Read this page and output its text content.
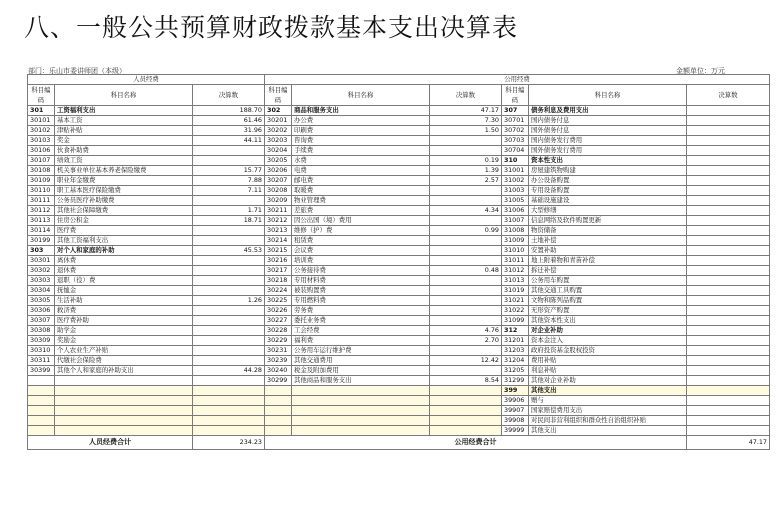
八、一般公共预算财政拨款基本支出决算表
部门：乐山市委讲师团（本级）	金额单位：万元
人员经费			公用经费					
科目编码	科目名称	决算数	科目编码	科目名称	决算数	科目编码	科目名称	决算数
301	工资福利支出	188.70	302	商品和服务支出	47.17	307	债务利息及费用支出	
30101	基本工资	61.46	30201	办公费	7.30	30701	国内债务付息	
30102	津贴补贴	31.96	30202	印刷费	1.50	30702	国外债务付息	
30103	奖金	44.11	30203	咨询费		30703	国内债务发行费用	
30106	伙食补助费		30204	手续费		30704	国外债务发行费用	
30107	绩效工资		30205	水费	0.19	310	资本性支出	
30108	机关事业单位基本养老保险缴费	15.77	30206	电费	1.39	31001	房屋建筑物购建	
30109	职业年金缴费	7.88	30207	邮电费	2.57	31002	办公设备购置	
30110	职工基本医疗保险缴费	7.11	30208	取暖费		31003	专用设备购置	
30111	公务员医疗补助缴费		30209	物业管理费		31005	基础设施建设	
30112	其他社会保障缴费	1.71	30211	差旅费	4.34	31006	大型修缮	
30113	住房公积金	18.71	30212	因公出国（境）费用		31007	信息网络及软件购置更新	
30114	医疗费		30213	维修（护）费	0.99	31008	物资储备	
30199	其他工资福利支出		30214	租赁费		31009	土地补偿	
303	对个人和家庭的补助	45.53	30215	会议费		31010	安置补助	
30301	离休费		30216	培训费		31011	地上附着物和青苗补偿	
30302	退休费		30217	公务接待费	0.48	31012	拆迁补偿	
30303	退职（役）费		30218	专用材料费		31013	公务用车购置	
30304	抚恤金		30224	被装购置费		31019	其他交通工具购置	
30305	生活补助	1.26	30225	专用燃料费		31021	文物和陈列品购置	
30306	救济费		30226	劳务费		31022	无形资产购置	
30307	医疗费补助		30227	委托业务费		31099	其他资本性支出	
30308	助学金		30228	工会经费	4.76	312	对企业补助	
30309	奖励金		30229	福利费	2.70	31201	资本金注入	
30310	个人农业生产补贴		30231	公务用车运行维护费		31203	政府投资基金股权投资	
30311	代缴社会保险费		30239	其他交通费用	12.42	31204	费用补贴	
30399	其他个人和家庭的补助支出	44.28	30240	税金及附加费用		31205	利息补贴	
			30299	其他商品和服务支出	8.54	31299	其他对企业补助	
						399	其他支出	
						39906	赠与	
						39907	国家赔偿费用支出	
						39908	对民间非营利组织和群众性自治组织补贴	
						39999	其他支出	
人员经费合计		234.23	公用经费合计					47.17
